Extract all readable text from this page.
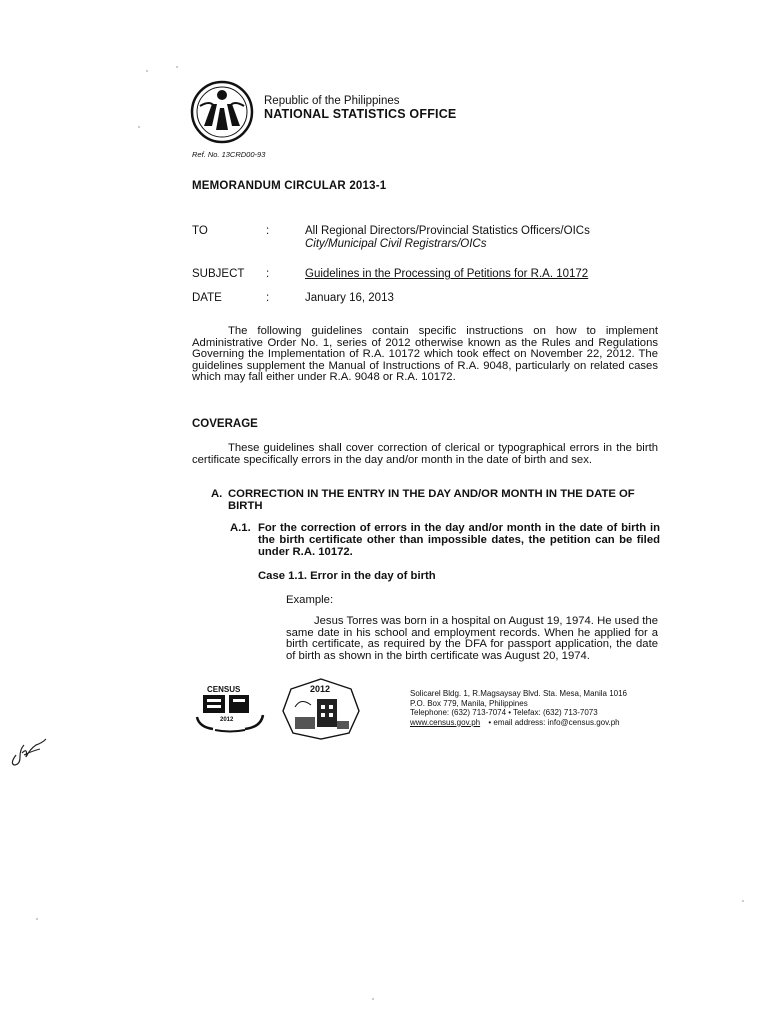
Republic of the Philippines
NATIONAL STATISTICS OFFICE
Ref. No. 13CRD00-93
MEMORANDUM CIRCULAR 2013-1
TO	:	All Regional Directors/Provincial Statistics Officers/OICs
City/Municipal Civil Registrars/OICs
SUBJECT :	Guidelines in the Processing of Petitions for R.A. 10172
DATE	:	January 16, 2013
The following guidelines contain specific instructions on how to implement Administrative Order No. 1, series of 2012 otherwise known as the Rules and Regulations Governing the Implementation of R.A. 10172 which took effect on November 22, 2012. The guidelines supplement the Manual of Instructions of R.A. 9048, particularly on related cases which may fall either under R.A. 9048 or R.A. 10172.
COVERAGE
These guidelines shall cover correction of clerical or typographical errors in the birth certificate specifically errors in the day and/or month in the date of birth and sex.
A. CORRECTION IN THE ENTRY IN THE DAY AND/OR MONTH IN THE DATE OF BIRTH
A.1. For the correction of errors in the day and/or month in the date of birth in the birth certificate other than impossible dates, the petition can be filed under R.A. 10172.
Case 1.1. Error in the day of birth
Example:
Jesus Torres was born in a hospital on August 19, 1974. He used the same date in his school and employment records. When he applied for a birth certificate, as required by the DFA for passport application, the date of birth as shown in the birth certificate was August 20, 1974.
CENSUS
2012
2012	Solicarel Bldg. 1, R.Magsaysay Blvd. Sta. Mesa, Manila 1016
P.O. Box 779, Manila, Philippines
Telephone: (632) 713-7074 • Telefax: (632) 713-7073
www.census.gov.ph • email address: info@census.gov.ph
